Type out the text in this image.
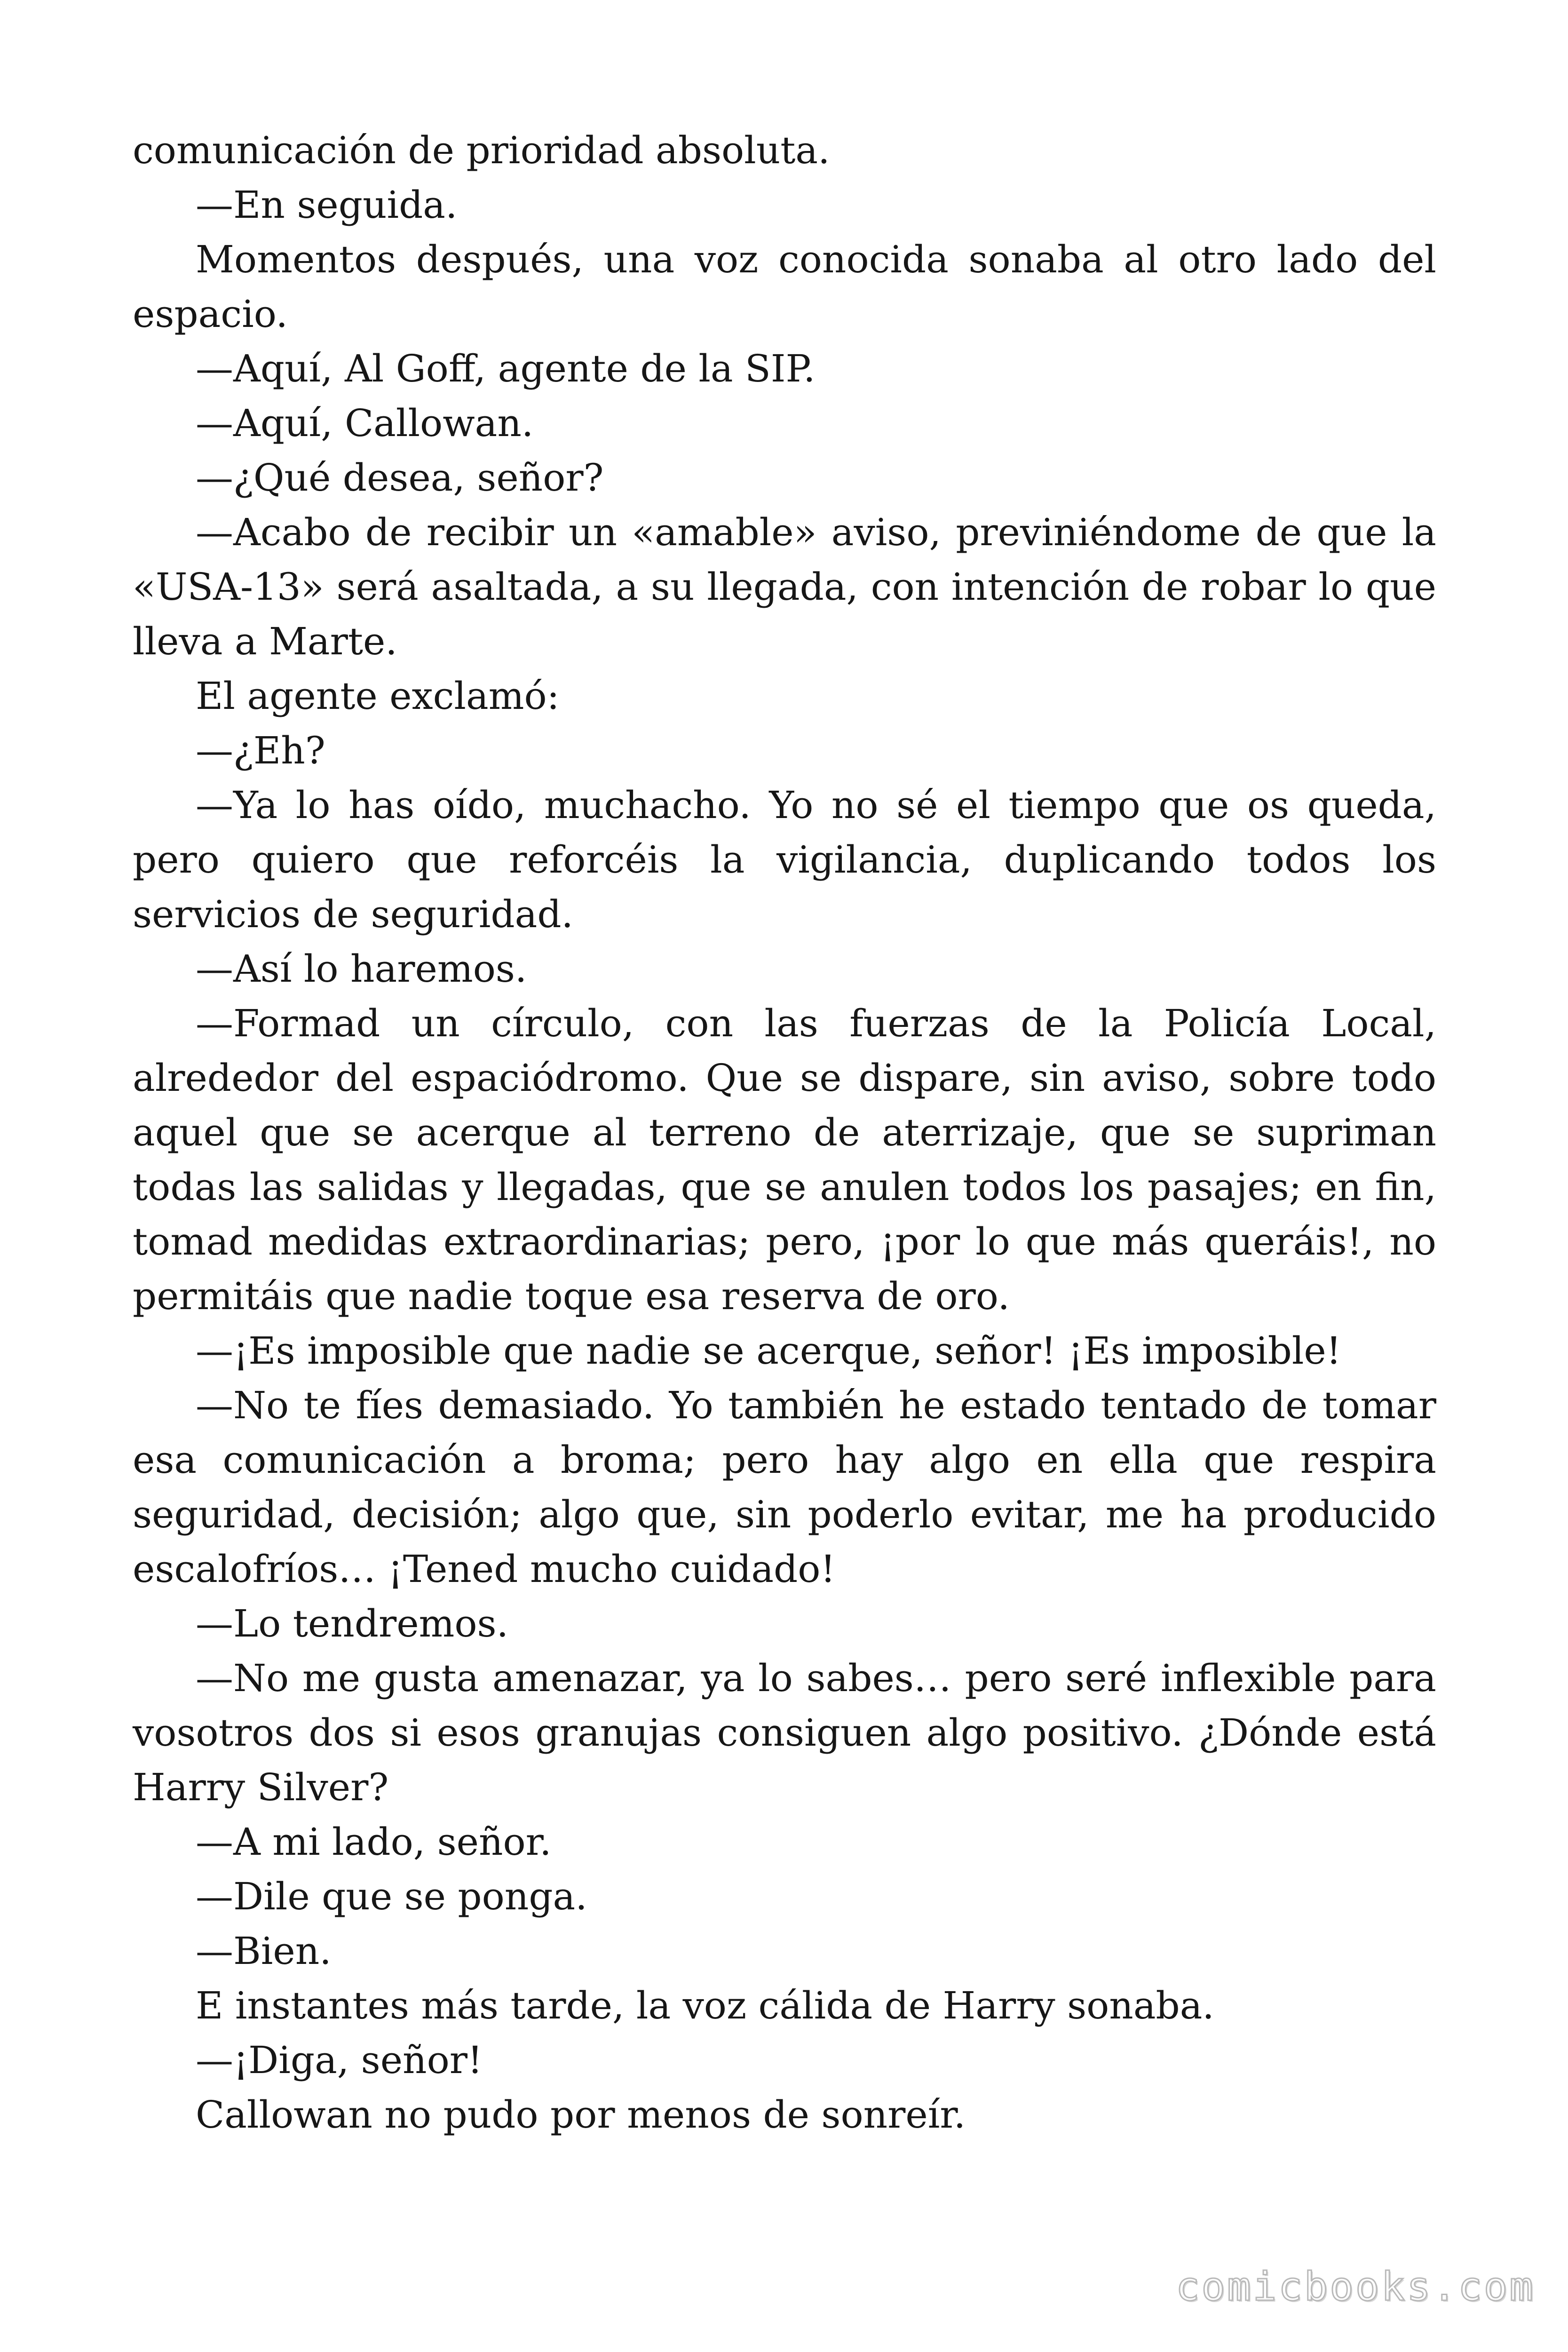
comunicación de prioridad absoluta.

—En seguida.

Momentos después, una voz conocida sonaba al otro lado del espacio.

—Aquí, Al Goff, agente de la SIP.

—Aquí, Callowan.

—¿Qué desea, señor?

—Acabo de recibir un «amable» aviso, previniéndome de que la «USA-13» será asaltada, a su llegada, con intención de robar lo que lleva a Marte.

El agente exclamó:

—¿Eh?

—Ya lo has oído, muchacho. Yo no sé el tiempo que os queda, pero quiero que reforcéis la vigilancia, duplicando todos los servicios de seguridad.

—Así lo haremos.

—Formad un círculo, con las fuerzas de la Policía Local, alrededor del espaciódromo. Que se dispare, sin aviso, sobre todo aquel que se acerque al terreno de aterrizaje, que se supriman todas las salidas y llegadas, que se anulen todos los pasajes; en fin, tomad medidas extraordinarias; pero, ¡por lo que más queráis!, no permitáis que nadie toque esa reserva de oro.

—¡Es imposible que nadie se acerque, señor! ¡Es imposible!

—No te fíes demasiado. Yo también he estado tentado de tomar esa comunicación a broma; pero hay algo en ella que respira seguridad, decisión; algo que, sin poderlo evitar, me ha producido escalofríos… ¡Tened mucho cuidado!

—Lo tendremos.

—No me gusta amenazar, ya lo sabes… pero seré inflexible para vosotros dos si esos granujas consiguen algo positivo. ¿Dónde está Harry Silver?

—A mi lado, señor.

—Dile que se ponga.

—Bien.

E instantes más tarde, la voz cálida de Harry sonaba.

—¡Diga, señor!

Callowan no pudo por menos de sonreír.

comicbooks.com
